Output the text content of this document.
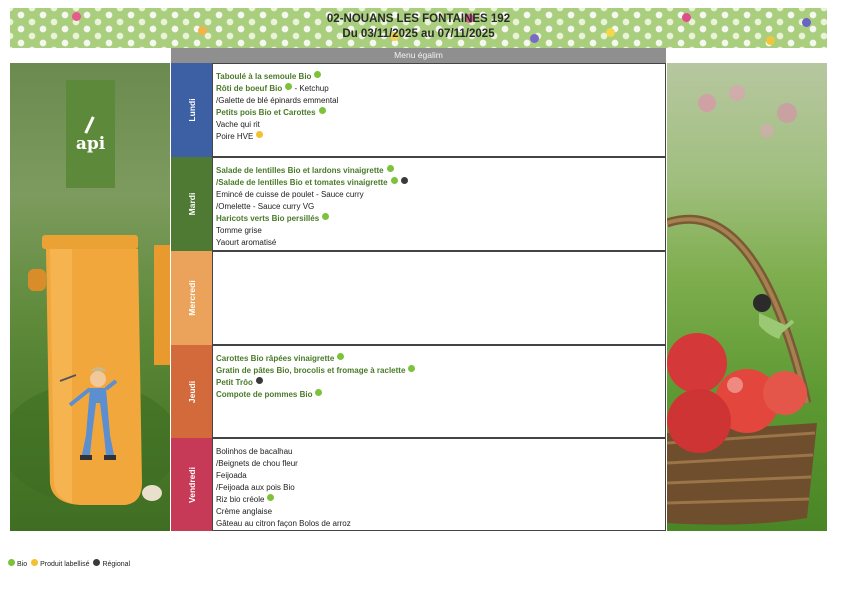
02-NOUANS LES FONTAINES 192
Du 03/11/2025 au 07/11/2025
Menu égalim
api
Lundi
Taboulé à la semoule Bio
Rôti de boeuf Bio - Ketchup
/Galette de blé épinards emmental
Petits pois Bio et Carottes
Vache qui rit
Poire HVE
Mardi
Salade de lentilles Bio et lardons vinaigrette
/Salade de lentilles Bio et tomates vinaigrette
Emincé de cuisse de poulet - Sauce curry
/Omelette - Sauce curry VG
Haricots verts Bio persillés
Tomme grise
Yaourt aromatisé
Mercredi
Jeudi
Carottes Bio râpées vinaigrette
Gratin de pâtes Bio, brocolis et fromage à raclette
Petit Trôo
Compote de pommes Bio
Vendredi
Bolinhos de bacalhau
/Beignets de chou fleur
Feijoada
/Feijoada aux pois Bio
Riz bio créole
Crème anglaise
Gâteau au citron façon Bolos de arroz
Bio Produit labellisé Régional
